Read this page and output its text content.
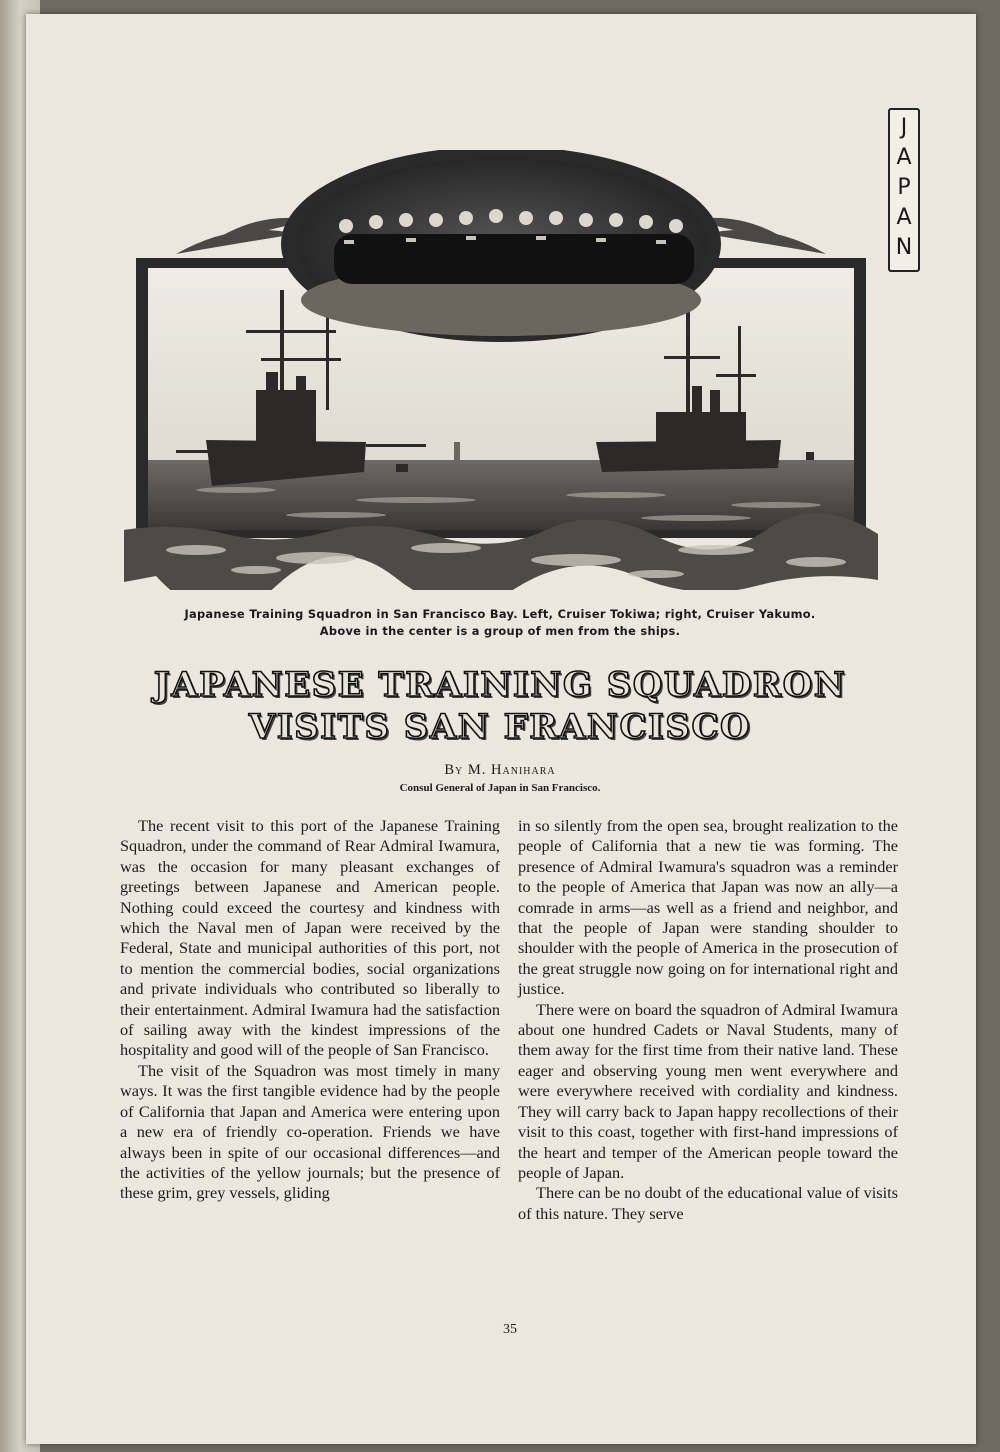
JAPAN
Japanese Training Squadron in San Francisco Bay. Left, Cruiser Tokiwa; right, Cruiser Yakumo.
Above in the center is a group of men from the ships.
JAPANESE TRAINING SQUADRON
VISITS SAN FRANCISCO
By M. Hanihara
Consul General of Japan in San Francisco.

The recent visit to this port of the Japanese Training Squadron, under the command of Rear Admiral Iwamura, was the occasion for many pleasant exchanges of greetings between Japanese and American people. Nothing could exceed the courtesy and kindness with which the Naval men of Japan were received by the Federal, State and municipal authorities of this port, not to mention the commercial bodies, social organizations and private individuals who contributed so liberally to their entertainment. Admiral Iwamura had the satisfaction of sailing away with the kindest impressions of the hospitality and good will of the people of San Francisco.

The visit of the Squadron was most timely in many ways. It was the first tangible evidence had by the people of California that Japan and America were entering upon a new era of friendly co-operation. Friends we have always been in spite of our occasional differences—and the activities of the yellow journals; but the presence of these grim, grey vessels, gliding

in so silently from the open sea, brought realization to the people of California that a new tie was forming. The presence of Admiral Iwamura's squadron was a reminder to the people of America that Japan was now an ally—a comrade in arms—as well as a friend and neighbor, and that the people of Japan were standing shoulder to shoulder with the people of America in the prosecution of the great struggle now going on for international right and justice.

There were on board the squadron of Admiral Iwamura about one hundred Cadets or Naval Students, many of them away for the first time from their native land. These eager and observing young men went everywhere and were everywhere received with cordiality and kindness. They will carry back to Japan happy recollections of their visit to this coast, together with first-hand impressions of the heart and temper of the American people toward the people of Japan.

There can be no doubt of the educational value of visits of this nature. They serve

35
